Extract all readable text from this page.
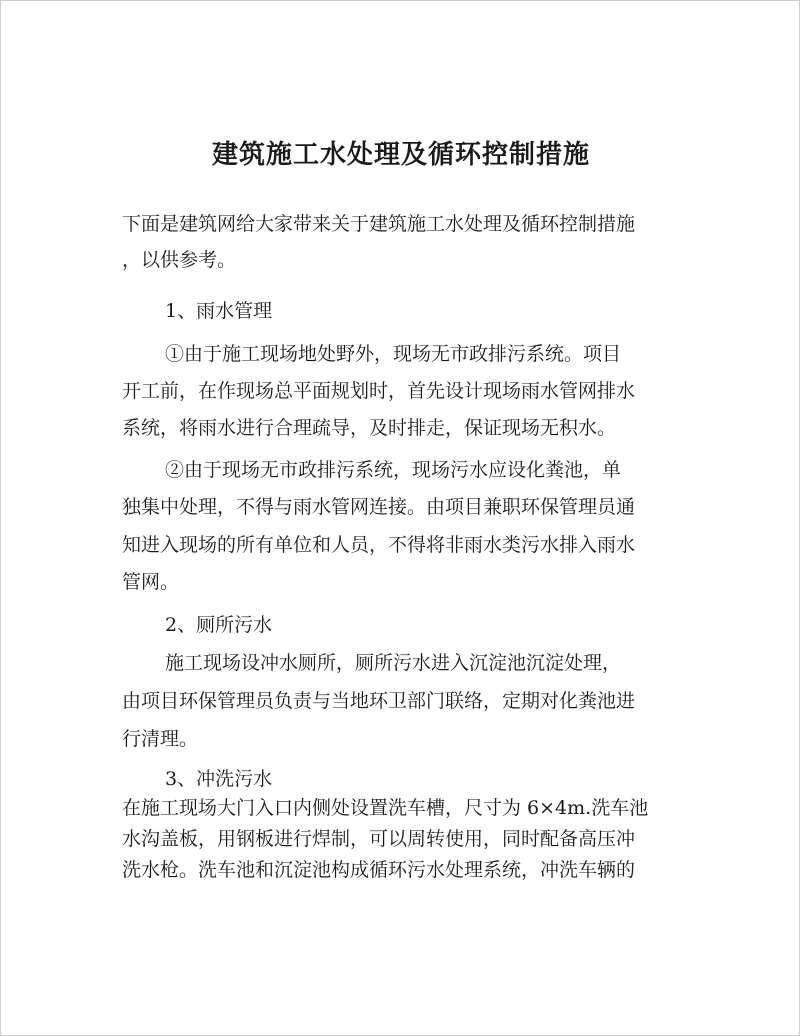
建筑施工水处理及循环控制措施

下面是建筑网给大家带来关于建筑施工水处理及循环控制措施

，以供参考。

1、雨水管理

①由于施工现场地处野外，现场无市政排污系统。项目

开工前，在作现场总平面规划时，首先设计现场雨水管网排水

系统，将雨水进行合理疏导，及时排走，保证现场无积水。

②由于现场无市政排污系统，现场污水应设化粪池，单

独集中处理，不得与雨水管网连接。由项目兼职环保管理员通

知进入现场的所有单位和人员，不得将非雨水类污水排入雨水

管网。

2、厕所污水

施工现场设冲水厕所，厕所污水进入沉淀池沉淀处理，

由项目环保管理员负责与当地环卫部门联络，定期对化粪池进

行清理。

3、冲洗污水

在施工现场大门入口内侧处设置洗车槽，尺寸为 6×4m.洗车池

水沟盖板，用钢板进行焊制，可以周转使用，同时配备高压冲

洗水枪。洗车池和沉淀池构成循环污水处理系统，冲洗车辆的
